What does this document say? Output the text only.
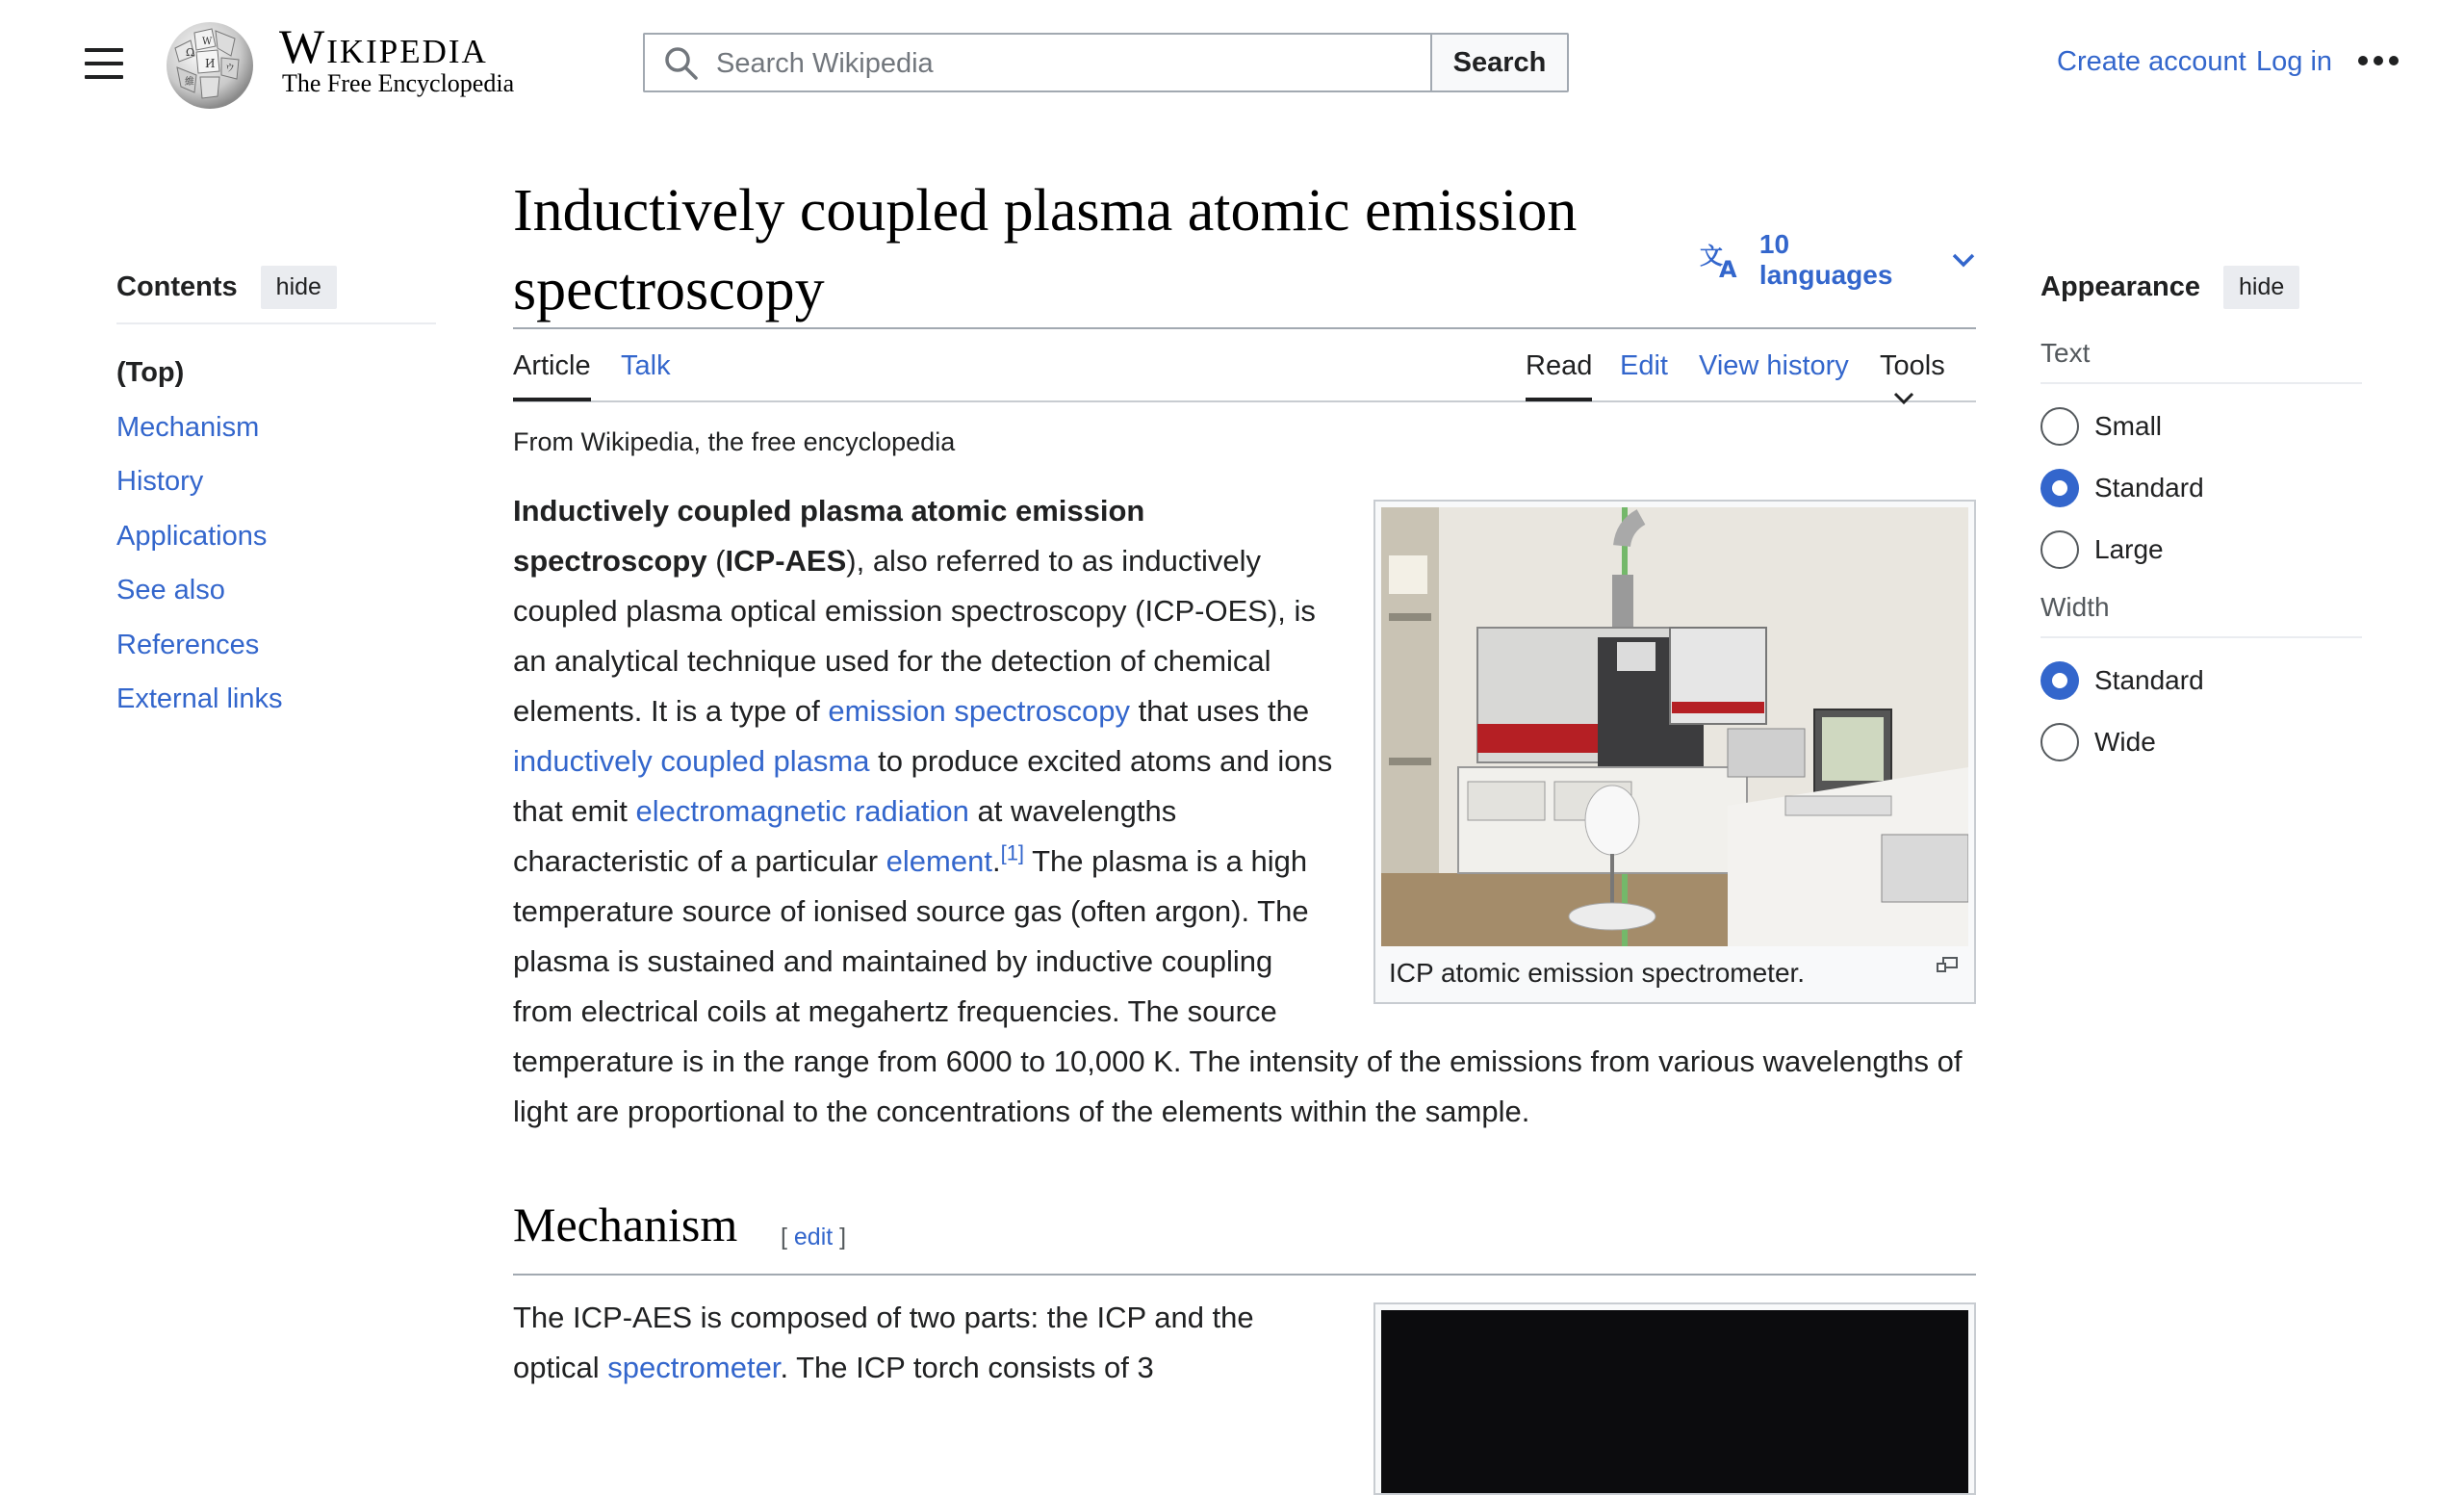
Ω
W
И ウ
維
Wikipedia
The Free Encyclopedia
Search Wikipedia
Search	Create account Log in
Contents	hide
(Top)
Mechanism
History
Applications
See also
References
External links
Inductively coupled plasma atomic emission spectroscopy
文
A
10 languages
Article Talk	Read Edit View history Tools
From Wikipedia, the free encyclopedia
ICP atomic emission spectrometer.

Inductively coupled plasma atomic emission spectroscopy (ICP-AES), also referred to as inductively coupled plasma optical emission spectroscopy (ICP-OES), is an analytical technique used for the detection of chemical elements. It is a type of emission spectroscopy that uses the inductively coupled plasma to produce excited atoms and ions that emit electromagnetic radiation at wavelengths characteristic of a particular element.[1] The plasma is a high temperature source of ionised source gas (often argon). The plasma is sustained and maintained by inductive coupling from electrical coils at megahertz frequencies. The source temperature is in the range from 6000 to 10,000 K. The intensity of the emissions from various wavelengths of light are proportional to the concentrations of the elements within the sample.

Mechanism [ edit ]

The ICP-AES is composed of two parts: the ICP and the optical spectrometer. The ICP torch consists of 3

Appearance	hide
Text
Small
Standard
Large
Width
Standard
Wide
